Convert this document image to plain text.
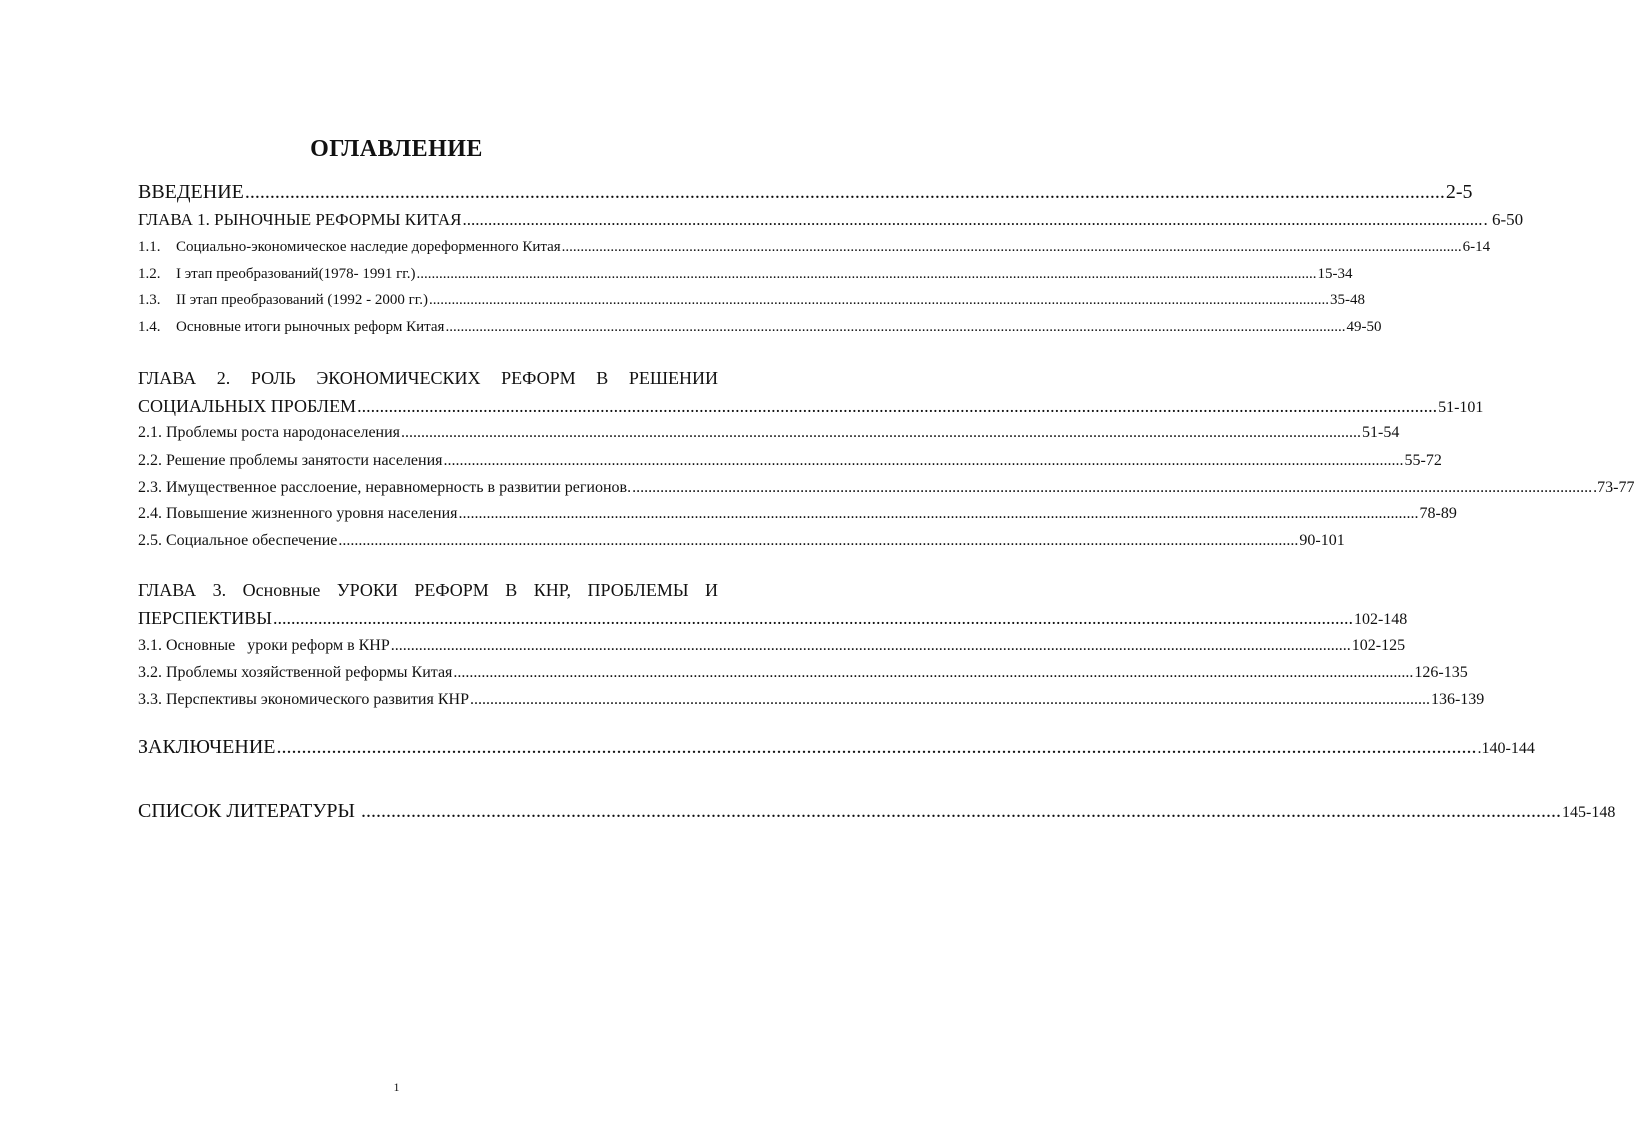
ОГЛАВЛЕНИЕ
ВВЕДЕНИЕ ................................................................................................................................................................................................................................................ 2-5
ГЛАВА 1. РЫНОЧНЫЕ РЕФОРМЫ КИТАЯ ................................................................................................................................................................................................................................................ . 6-50
1.1. Социально-экономическое наследие дореформенного Китая ................................................................................................................................................................................................................................................ 6-14
1.2. I этап преобразований(1978- 1991 гг.) ................................................................................................................................................................................................................................................ 15-34
1.3. II этап преобразований (1992 - 2000 гг.) ................................................................................................................................................................................................................................................ 35-48
1.4. Основные итоги рыночных реформ Китая ................................................................................................................................................................................................................................................ 49-50
ГЛАВА 2. РОЛЬ ЭКОНОМИЧЕСКИХ РЕФОРМ В РЕШЕНИИ
СОЦИАЛЬНЫХ ПРОБЛЕМ ................................................................................................................................................................................................................................................ 51-101
2.1. Проблемы роста народонаселения ................................................................................................................................................................................................................................................ 51-54
2.2. Решение проблемы занятости населения ................................................................................................................................................................................................................................................ 55-72
2.3. Имущественное расслоение, неравномерность в развитии регионов. ................................................................................................................................................................................................................................................ .73-77
2.4. Повышение жизненного уровня населения ................................................................................................................................................................................................................................................ 78-89
2.5. Социальное обеспечение ................................................................................................................................................................................................................................................ 90-101
ГЛАВА 3. Основные УРОКИ РЕФОРМ В КНР, ПРОБЛЕМЫ И
ПЕРСПЕКТИВЫ ................................................................................................................................................................................................................................................ 102-148
3.1. Основные   уроки реформ в КНР ................................................................................................................................................................................................................................................ 102-125
3.2. Проблемы хозяйственной реформы Китая ................................................................................................................................................................................................................................................ 126-135
3.3. Перспективы экономического развития КНР ................................................................................................................................................................................................................................................ 136-139
ЗАКЛЮЧЕНИЕ ................................................................................................................................................................................................................................................ .140-144
СПИСОК ЛИТЕРАТУРЫ ................................................................................................................................................................................................................................................ 145-148
1
